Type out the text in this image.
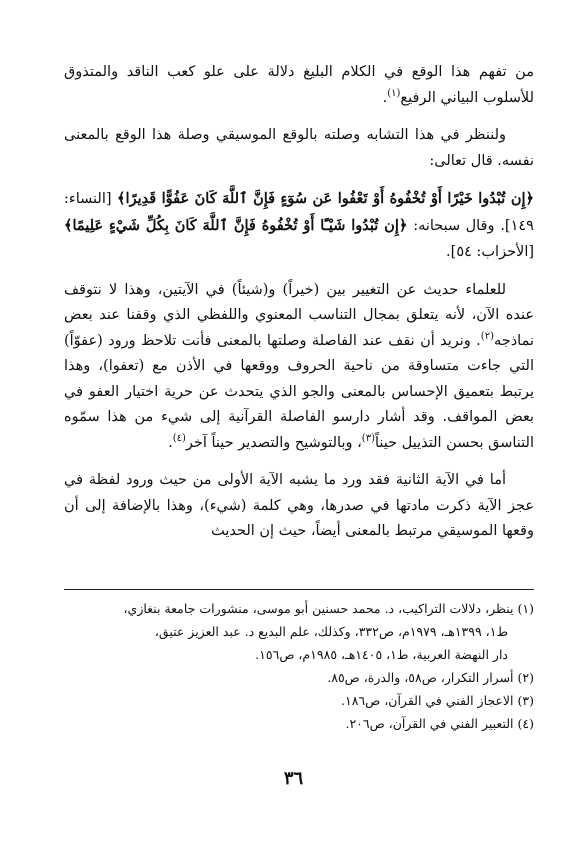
من تفهم هذا الوقع في الكلام البليغ دلالة على علو كعب الناقد والمتذوق للأسلوب البياني الرفيع$^{(١)}$.

ولننظر في هذا التشابه وصلته بالوقع الموسيقي وصلة هذا الوقع بالمعنى نفسه. قال تعالى:

﴿إِن تُبْدُوا خَيْرًا أَوْ تُخْفُوهُ أَوْ تَعْفُوا عَن سُوٓءٍ فَإِنَّ ٱللَّهَ كَانَ عَفُوًّا قَدِيرًا﴾ [النساء: ١٤٩]. وقال سبحانه: ﴿إِن تُبْدُوا شَيْـًٔا أَوْ تُخْفُوهُ فَإِنَّ ٱللَّهَ كَانَ بِكُلِّ شَيْءٍ عَلِيمًا﴾ [الأحزاب: ٥٤].

للعلماء حديث عن التغيير بين (خيراً) و(شيئاً) في الآيتين، وهذا لا نتوقف عنده الآن، لأنه يتعلق بمجال التناسب المعنوي واللفظي الذي وقفنا عند بعض نماذجه$^{(٢)}$. ونريد أن نقف عند الفاصلة وصلتها بالمعنى فأنت تلاحظ ورود (عفوّاً) التي جاءت متساوقة من ناحية الحروف ووقعها في الأذن مع (تعفوا)، وهذا يرتبط بتعميق الإحساس بالمعنى والجو الذي يتحدث عن حرية اختيار العفو في بعض المواقف. وقد أشار دارسو الفاصلة القرآنية إلى شيء من هذا سمّوه التناسق بحسن التذييل حيناً$^{(٣)}$، وبالتوشيح والتصدير حيناً آخر$^{(٤)}$.

أما في الآية الثانية فقد ورد ما يشبه الآية الأولى من حيث ورود لفظة في عجز الآية ذكرت مادتها في صدرها، وهي كلمة (شيء)، وهذا بالإضافة إلى أن وقعها الموسيقي مرتبط بالمعنى أيضاً، حيث إن الحديث

(١) ينظر، دلالات التراكيب، د. محمد حسنين أبو موسى، منشورات جامعة بنغازي،

ط١، ١٣٩٩هـ، ١٩٧٩م، ص٣٣٢، وكذلك، علم البديع د. عبد العزيز عتيق،

دار النهضة العربية، ط١، ١٤٠٥هـ، ١٩٨٥م، ص١٥٦.

(٢) أسرار التكرار، ص٥٨، والدرة، ص٨٥.

(٣) الاعجاز الفني في القرآن، ص١٨٦.

(٤) التعبير الفني في القرآن، ص٢٠٦.

٣٦
